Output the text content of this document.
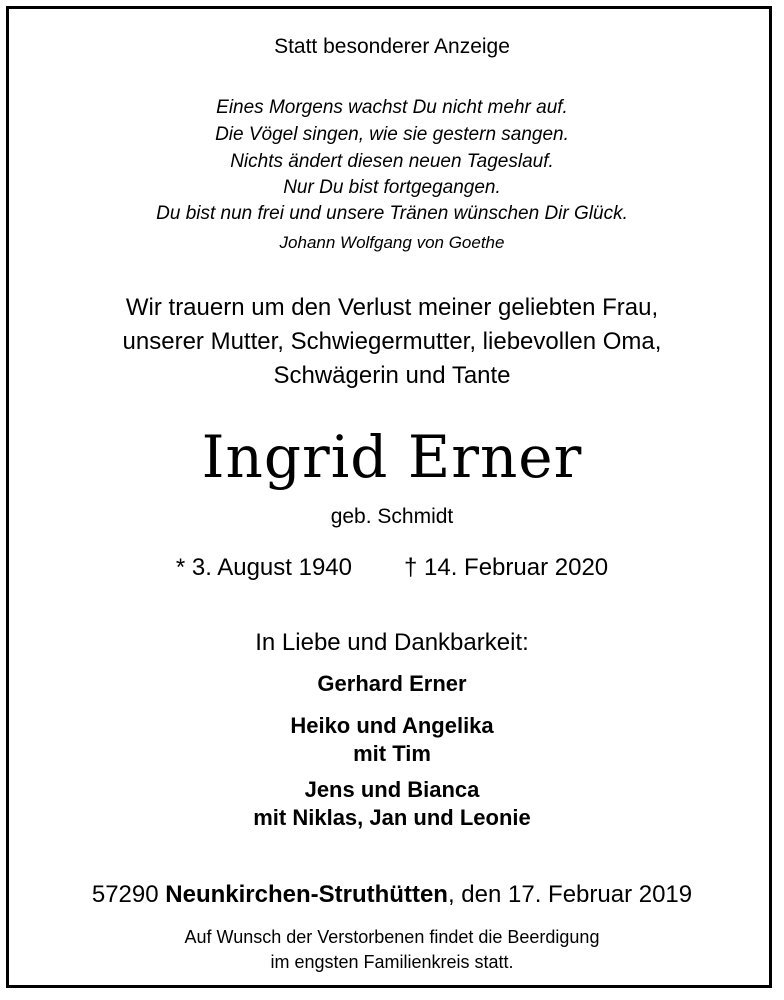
Statt besonderer Anzeige
Eines Morgens wachst Du nicht mehr auf.
Die Vögel singen, wie sie gestern sangen.
Nichts ändert diesen neuen Tageslauf.
Nur Du bist fortgegangen.
Du bist nun frei und unsere Tränen wünschen Dir Glück.
Johann Wolfgang von Goethe
Wir trauern um den Verlust meiner geliebten Frau,
unserer Mutter, Schwiegermutter, liebevollen Oma,
Schwägerin und Tante
Ingrid Erner
geb. Schmidt
* 3. August 1940 † 14. Februar 2020
In Liebe und Dankbarkeit:
Gerhard Erner
Heiko und Angelika
mit Tim
Jens und Bianca
mit Niklas, Jan und Leonie
57290 Neunkirchen-Struthütten, den 17. Februar 2019
Auf Wunsch der Verstorbenen findet die Beerdigung
im engsten Familienkreis statt.
